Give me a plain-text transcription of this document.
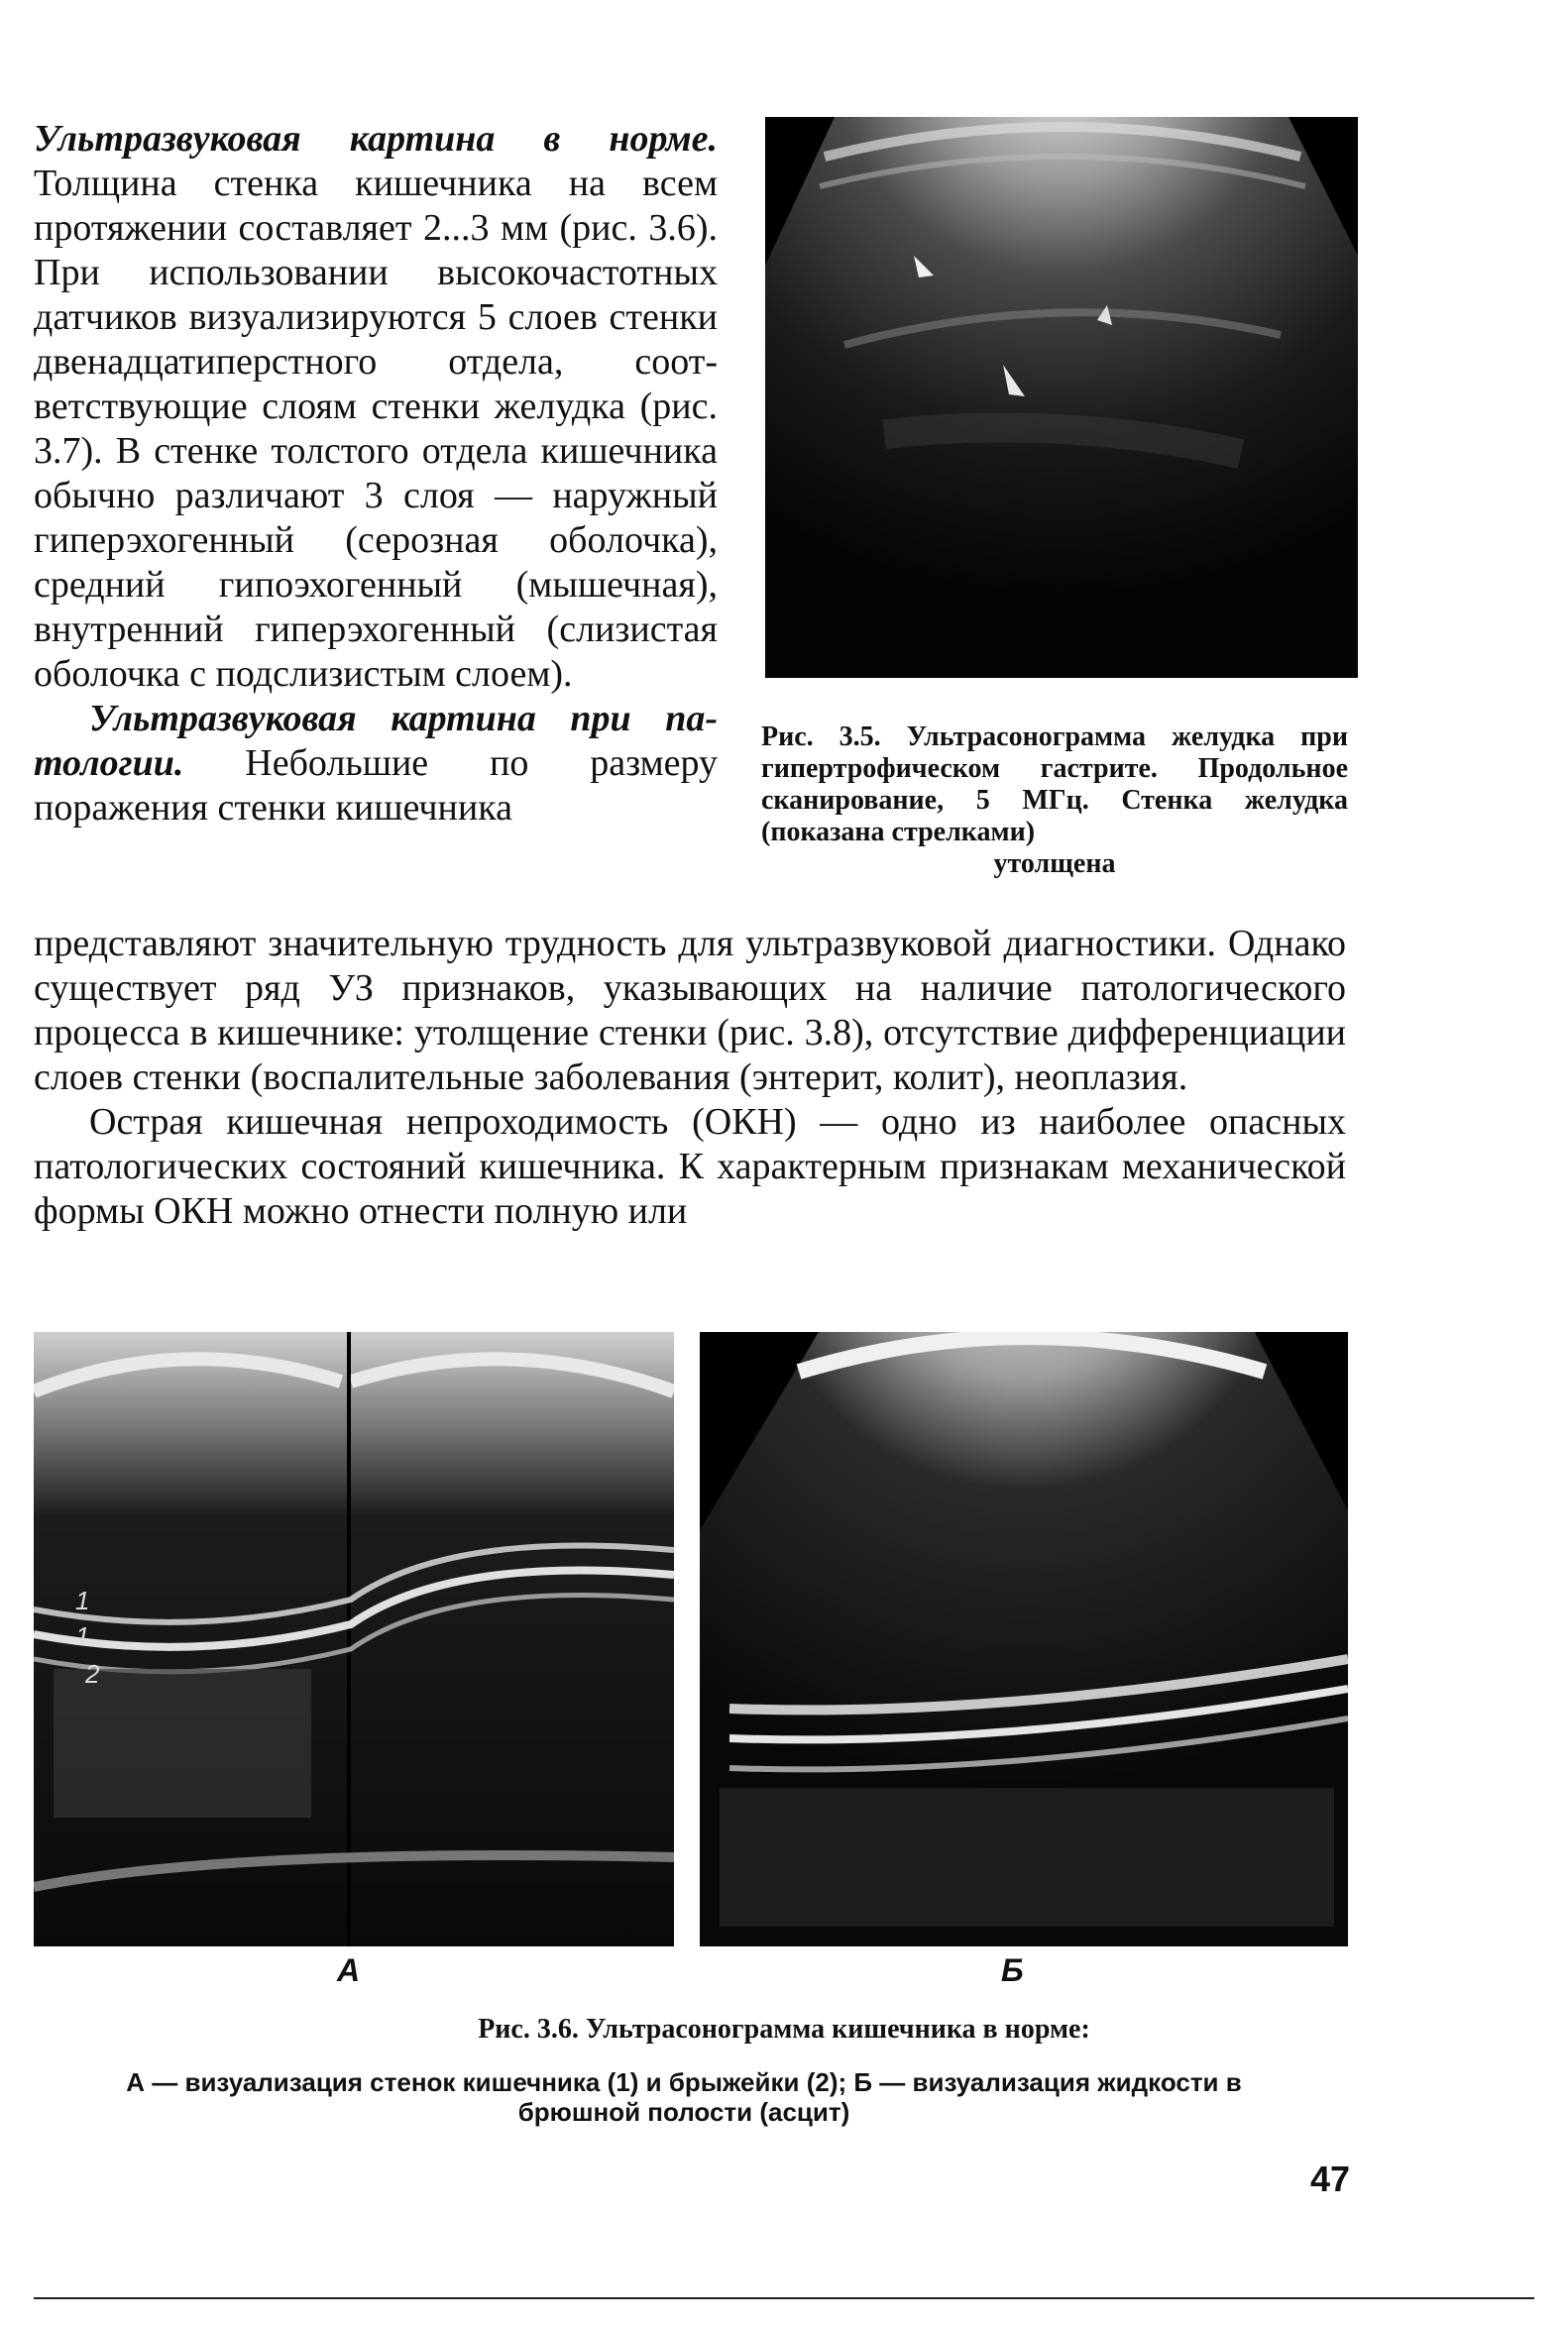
Ультразвуковая картина в норме. Толщина стенка кишечника на всем протяжении составляет 2...3 мм (рис. 3.6). При использовании высокочастотных датчиков визуализируются 5 слоев стенки двенадцатиперстного отдела, соответствующие слоям стенки желудка (рис. 3.7). В стенке толстого отдела кишечника обычно различают 3 слоя — наружный гиперэхогенный (серозная оболочка), средний гипоэхогенный (мышечная), внутренний гиперэхогенный (слизистая оболочка с подслизистым слоем).

Ультразвуковая картина при патологии. Небольшие по размеру поражения стенки кишечника

Рис. 3.5. Ультрасонограмма желудка при гипертрофическом гастрите. Продольное сканирование, 5 МГц. Стенка желудка (показана стрелками)
утолщена

представляют значительную трудность для ультразвуковой диагностики. Однако существует ряд УЗ признаков, указывающих на наличие патологического процесса в кишечнике: утолщение стенки (рис. 3.8), отсутствие дифференциации слоев стенки (воспалительные заболевания (энтерит, колит), неоплазия.

Острая кишечная непроходимость (ОКН) — одно из наиболее опасных патологических состояний кишечника. К характерным признакам механической формы ОКН можно отнести полную или

1
1
2
А	Б
Рис. 3.6. Ультрасонограмма кишечника в норме:
А — визуализация стенок кишечника (1) и брыжейки (2); Б — визуализация жидкости в брюшной полости (асцит)
47
